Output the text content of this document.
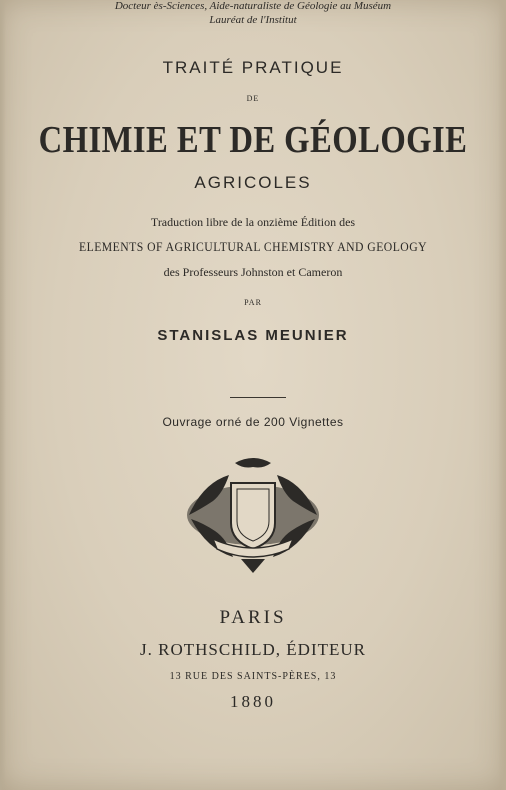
TRAITÉ PRATIQUE
DE
CHIMIE ET DE GÉOLOGIE
AGRICOLES
Traduction libre de la onzième Édition des
ELEMENTS OF AGRICULTURAL CHEMISTRY AND GEOLOGY
des Professeurs Johnston et Cameron
PAR
STANISLAS MEUNIER
Docteur ès-Sciences, Aide-naturaliste de Géologie au Muséum
Lauréat de l'Institut
Ouvrage orné de 200 Vignettes
PARIS
J. ROTHSCHILD, ÉDITEUR
13 RUE DES SAINTS-PÈRES, 13
1880
